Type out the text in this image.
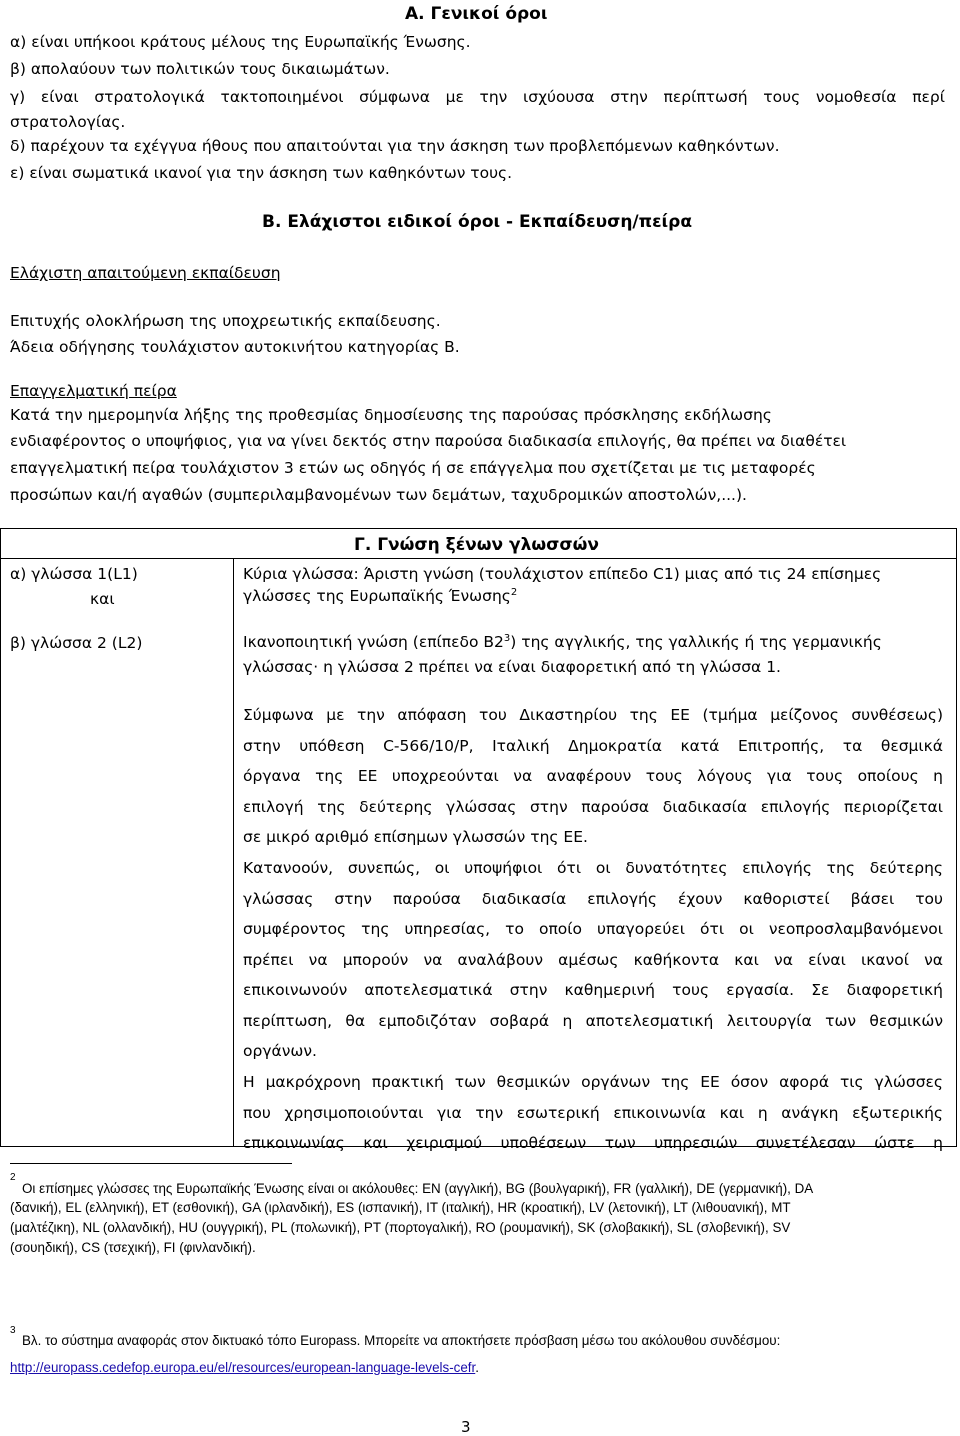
Α. Γενικοί όροι
α) είναι υπήκοοι κράτους μέλους της Ευρωπαϊκής Ένωσης.
β) απολαύουν των πολιτικών τους δικαιωμάτων.
γ) είναι στρατολογικά τακτοποιημένοι σύμφωνα με την ισχύουσα στην περίπτωσή τους νομοθεσία περί
στρατολογίας.
δ) παρέχουν τα εχέγγυα ήθους που απαιτούνται για την άσκηση των προβλεπόμενων καθηκόντων.
ε) είναι σωματικά ικανοί για την άσκηση των καθηκόντων τους.
Β. Ελάχιστοι ειδικοί όροι - Εκπαίδευση/πείρα
Ελάχιστη απαιτούμενη εκπαίδευση
Επιτυχής ολοκλήρωση της υποχρεωτικής εκπαίδευσης.
Άδεια οδήγησης τουλάχιστον αυτοκινήτου κατηγορίας Β.
Επαγγελματική πείρα
Κατά την ημερομηνία λήξης της προθεσμίας δημοσίευσης της παρούσας πρόσκλησης εκδήλωσης
ενδιαφέροντος ο υποψήφιος, για να γίνει δεκτός στην παρούσα διαδικασία επιλογής, θα πρέπει να διαθέτει
επαγγελματική πείρα τουλάχιστον 3 ετών ως οδηγός ή σε επάγγελμα που σχετίζεται με τις μεταφορές
προσώπων και/ή αγαθών (συμπεριλαμβανομένων των δεμάτων, ταχυδρομικών αποστολών,...).
Γ. Γνώση ξένων γλωσσών
α) γλώσσα 1(L1)
και
β) γλώσσα 2 (L2)
Κύρια γλώσσα: Άριστη γνώση (τουλάχιστον επίπεδο C1) μιας από τις 24 επίσημες
γλώσσες της Ευρωπαϊκής Ένωσης$^2$
Ικανοποιητική γνώση (επίπεδο $B2^3$) της αγγλικής, της γαλλικής ή της γερμανικής
γλώσσας· η γλώσσα 2 πρέπει να είναι διαφορετική από τη γλώσσα 1.
Σύμφωνα με την απόφαση του Δικαστηρίου της ΕΕ (τμήμα μείζονος συνθέσεως)
στην υπόθεση C-566/10/P, Ιταλική Δημοκρατία κατά Επιτροπής, τα θεσμικά
όργανα της ΕΕ υποχρεούνται να αναφέρουν τους λόγους για τους οποίους η
επιλογή της δεύτερης γλώσσας στην παρούσα διαδικασία επιλογής περιορίζεται
σε μικρό αριθμό επίσημων γλωσσών της ΕΕ.
Κατανοούν, συνεπώς, οι υποψήφιοι ότι οι δυνατότητες επιλογής της δεύτερης
γλώσσας στην παρούσα διαδικασία επιλογής έχουν καθοριστεί βάσει του
συμφέροντος της υπηρεσίας, το οποίο υπαγορεύει ότι οι νεοπροσλαμβανόμενοι
πρέπει να μπορούν να αναλάβουν αμέσως καθήκοντα και να είναι ικανοί να
επικοινωνούν αποτελεσματικά στην καθημερινή τους εργασία. Σε διαφορετική
περίπτωση, θα εμποδιζόταν σοβαρά η αποτελεσματική λειτουργία των θεσμικών
οργάνων.
Η μακρόχρονη πρακτική των θεσμικών οργάνων της ΕΕ όσον αφορά τις γλώσσες
που χρησιμοποιούνται για την εσωτερική επικοινωνία και η ανάγκη εξωτερικής
επικοινωνίας και χειρισμού υποθέσεων των υπηρεσιών συνετέλεσαν ώστε η
$^2$
Οι επίσημες γλώσσες της Ευρωπαϊκής Ένωσης είναι οι ακόλουθες: EN (αγγλική), BG (βουλγαρική), FR (γαλλική), DE (γερμανική), DA
(δανική), EL (ελληνική), ET (εσθονική), GA (ιρλανδική), ES (ισπανική), IT (ιταλική), HR (κροατική), LV (λετονική), LT (λιθουανική), MT
(μαλτέζικη), NL (ολλανδική), HU (ουγγρική), PL (πολωνική), PT (πορτογαλική), RO (ρουμανική), SK (σλοβακική), SL (σλοβενική), SV
(σουηδική), CS (τσεχική), FI (φινλανδική).
$^3$
Βλ. το σύστημα αναφοράς στον δικτυακό τόπο Europass. Μπορείτε να αποκτήσετε πρόσβαση μέσω του ακόλουθου συνδέσμου:
http://europass.cedefop.europa.eu/el/resources/european-language-levels-cefr.
3
